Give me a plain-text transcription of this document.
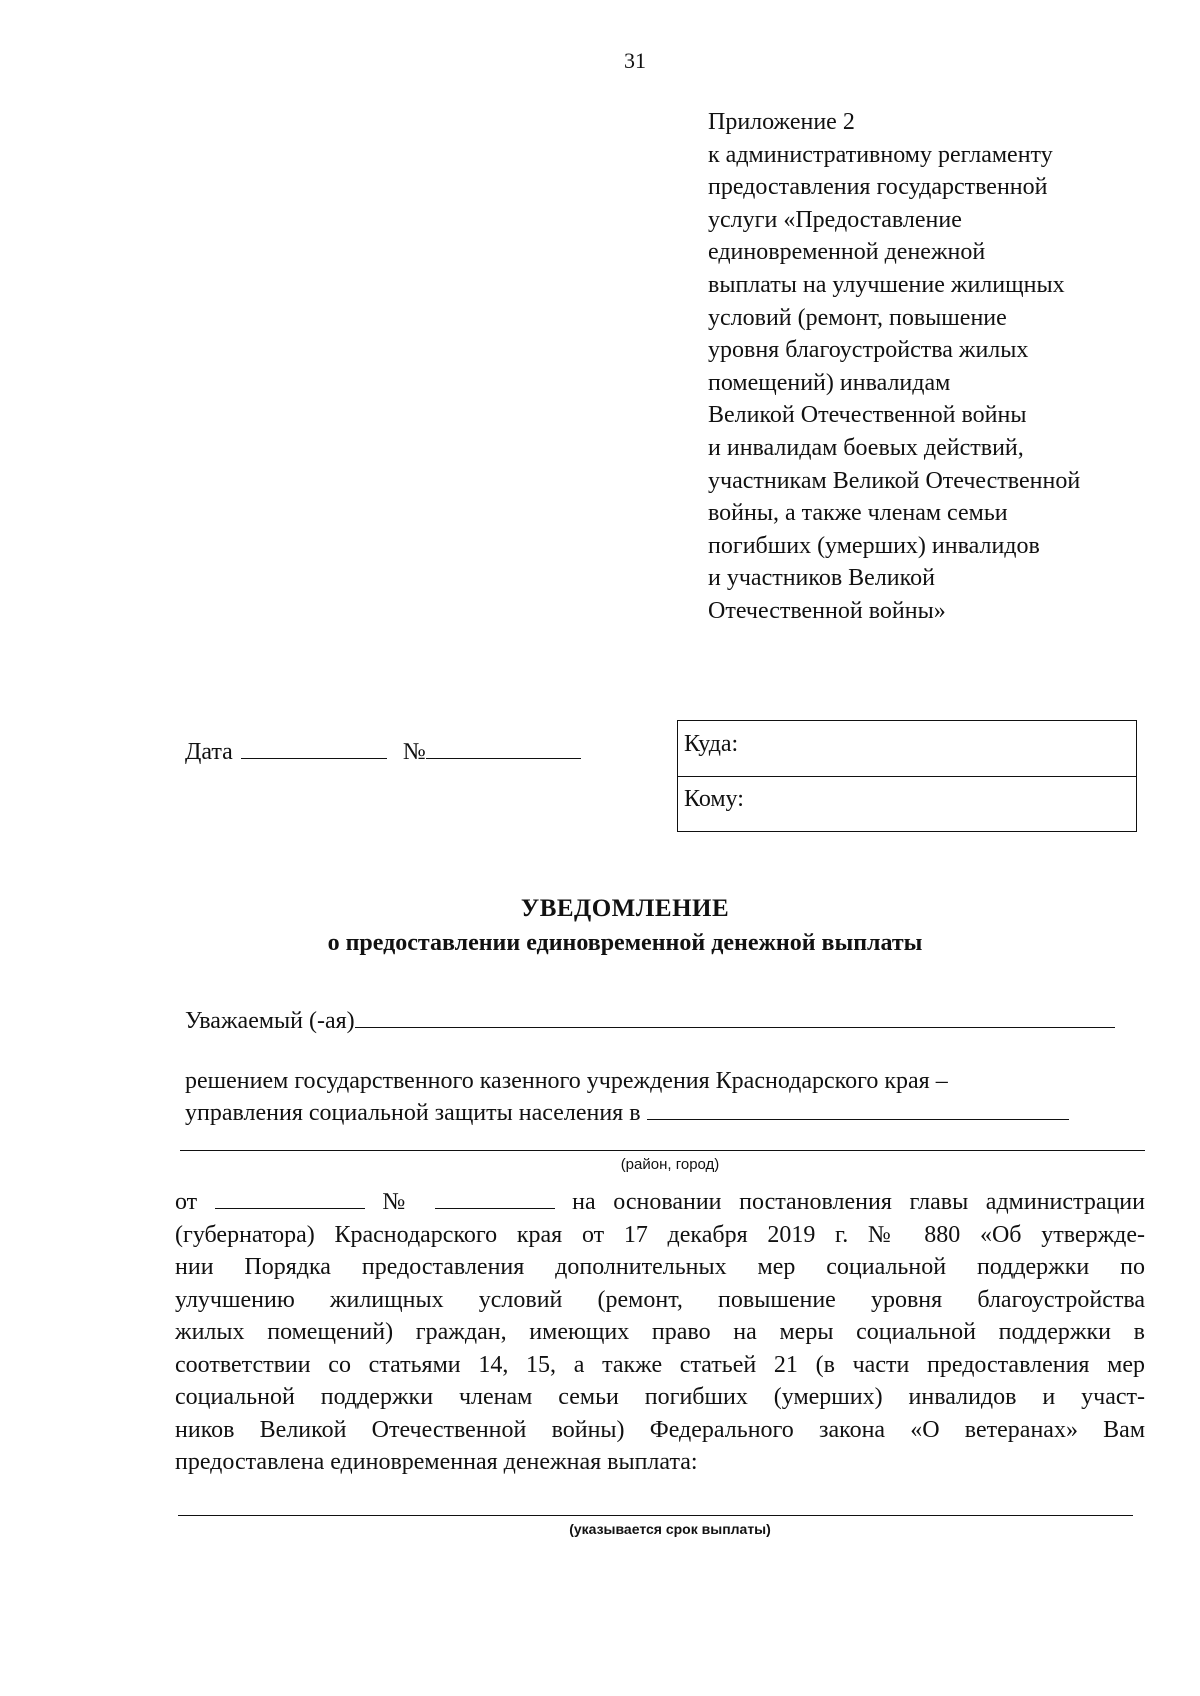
31
Приложение 2
к административному регламенту
предоставления государственной
услуги «Предоставление
единовременной денежной
выплаты на улучшение жилищных
условий (ремонт, повышение
уровня благоустройства жилых
помещений) инвалидам
Великой Отечественной войны
и инвалидам боевых действий,
участникам Великой Отечественной
войны, а также членам семьи
погибших (умерших) инвалидов
и участников Великой
Отечественной войны»
Дата	№	Куда:
Кому:
УВЕДОМЛЕНИЕ
о предоставлении единовременной денежной выплаты
Уважаемый (-ая)
решением государственного казенного учреждения Краснодарского края –
управления социальной защиты населения в
(район, город)
от	№	на основании постановления главы администрации
(губернатора) Краснодарского края от 17 декабря 2019 г. № 880 «Об утвержде-
нии Порядка предоставления дополнительных мер социальной поддержки по
улучшению жилищных условий (ремонт, повышение уровня благоустройства
жилых помещений) граждан, имеющих право на меры социальной поддержки в
соответствии со статьями 14, 15, а также статьей 21 (в части предоставления мер
социальной поддержки членам семьи погибших (умерших) инвалидов и участ-
ников Великой Отечественной войны) Федерального закона «О ветеранах» Вам
предоставлена единовременная денежная выплата:
(указывается срок выплаты)
